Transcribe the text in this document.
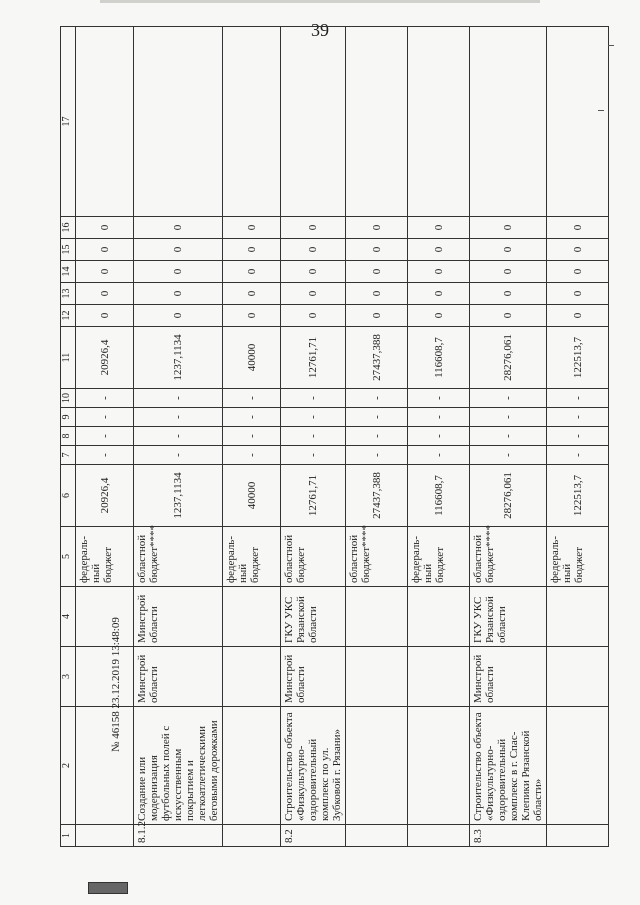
39
1	2	3	4	5	6	7	8	9	10	11	12	13	14	15	16	17
				федераль-
ный
бюджет	20926,4	-	-	-	-	20926,4	0	0	0	0	0	
8.1.2	Создание или модернизация футбольных полей с искусственным покрытием и легкоатлетическими беговыми дорожками	Минстрой области	Минстрой области	областной бюджет****	1237,1134	-	-	-	-	1237,1134	0	0	0	0	0	
				федераль-
ный
бюджет	40000	-	-	-	-	40000	0	0	0	0	0	
8.2	Строительство объекта «Физкультурно-оздоровительный комплекс по ул. Зубковой г. Рязани»	Минстрой области	ГКУ УКС Рязанской области	областной бюджет	12761,71	-	-	-	-	12761,71	0	0	0	0	0	
				областной бюджет****	27437,388	-	-	-	-	27437,388	0	0	0	0	0	
				федераль-
ный
бюджет	116608,7	-	-	-	-	116608,7	0	0	0	0	0	
8.3	Строительство объекта «Физкультурно-оздоровительный комплекс в г. Спас-Клепики Рязанской области»	Минстрой области	ГКУ УКС Рязанской области	областной бюджет****	28276,061	-	-	-	-	28276,061	0	0	0	0	0	
				федераль-
ный
бюджет	122513,7	-	-	-	-	122513,7	0	0	0	0	0	
№ 46158 23.12.2019 13:48:09
